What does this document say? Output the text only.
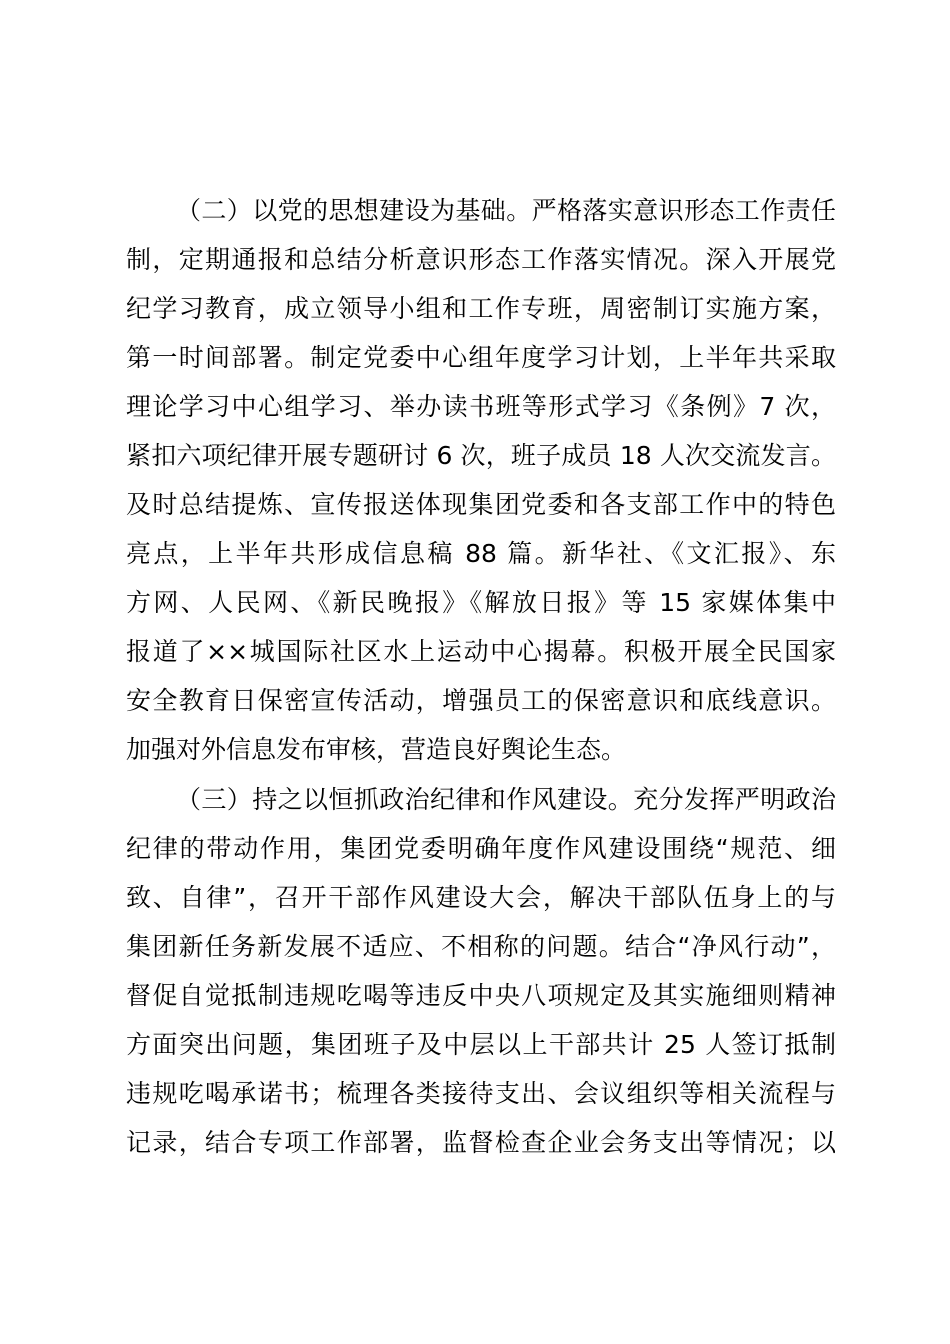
（二）以党的思想建设为基础。严格落实意识形态工作责任
制，定期通报和总结分析意识形态工作落实情况。深入开展党
纪学习教育，成立领导小组和工作专班，周密制订实施方案，
第一时间部署。制定党委中心组年度学习计划，上半年共采取
理论学习中心组学习、举办读书班等形式学习《条例》7 次，
紧扣六项纪律开展专题研讨 6 次，班子成员 18 人次交流发言。
及时总结提炼、宣传报送体现集团党委和各支部工作中的特色
亮点，上半年共形成信息稿 88 篇。新华社、《文汇报》、东
方网、人民网、《新民晚报》《解放日报》等 15 家媒体集中
报道了××城国际社区水上运动中心揭幕。积极开展全民国家
安全教育日保密宣传活动，增强员工的保密意识和底线意识。
加强对外信息发布审核，营造良好舆论生态。
（三）持之以恒抓政治纪律和作风建设。充分发挥严明政治
纪律的带动作用，集团党委明确年度作风建设围绕“规范、细
致、自律”，召开干部作风建设大会，解决干部队伍身上的与
集团新任务新发展不适应、不相称的问题。结合“净风行动”，
督促自觉抵制违规吃喝等违反中央八项规定及其实施细则精神
方面突出问题，集团班子及中层以上干部共计 25 人签订抵制
违规吃喝承诺书；梳理各类接待支出、会议组织等相关流程与
记录，结合专项工作部署，监督检查企业会务支出等情况；以
